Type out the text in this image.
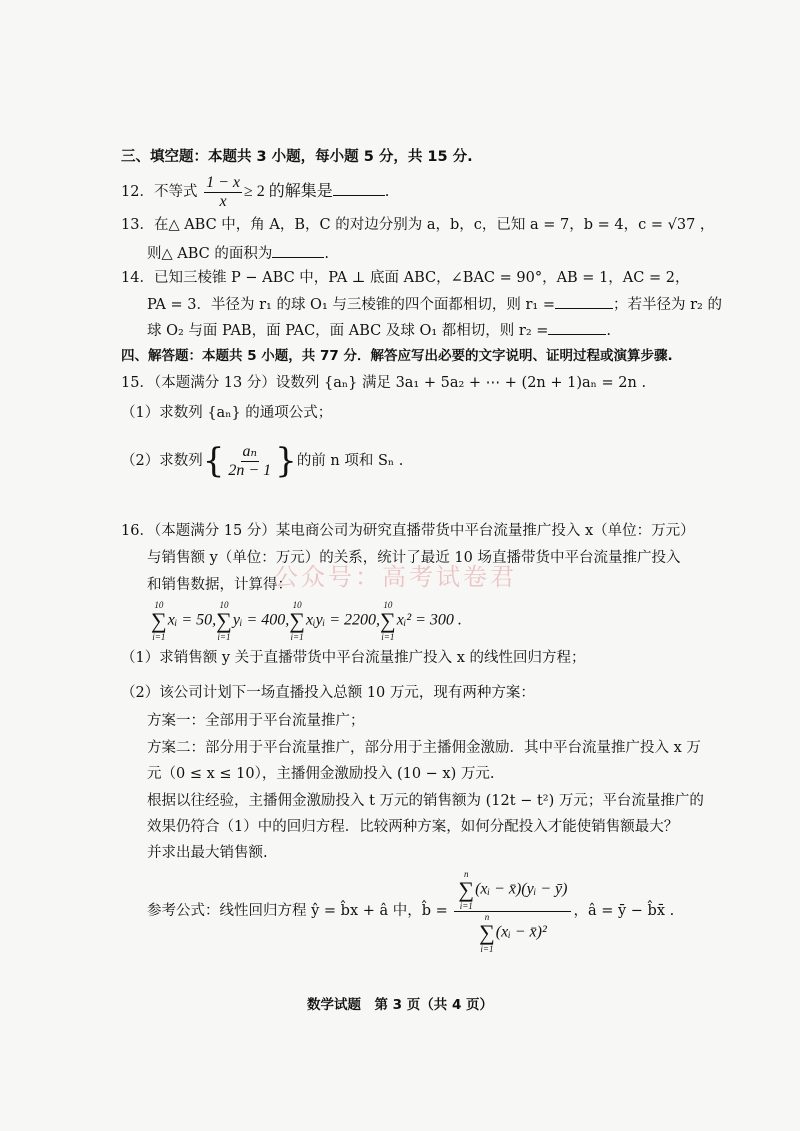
三、填空题：本题共 3 小题，每小题 5 分，共 15 分.
12．不等式 $\frac{1 - x}{x} \ge 2$ 的解集是	.
13．在△ ABC 中，角 A，B，C 的对边分别为 a，b，c，已知 a = 7，b = 4，c = √37 ，
则△ ABC 的面积为	.
14．已知三棱锥 P − ABC 中，PA ⊥ 底面 ABC，∠BAC = 90°，AB = 1，AC = 2，
PA = 3．半径为 r₁ 的球 O₁ 与三棱锥的四个面都相切，则 r₁ =	；若半径为 r₂ 的
球 O₂ 与面 PAB，面 PAC，面 ABC 及球 O₁ 都相切，则 r₂ =	.
四、解答题：本题共 5 小题，共 77 分．解答应写出必要的文字说明、证明过程或演算步骤.
15．（本题满分 13 分）设数列 {aₙ} 满足 3a₁ + 5a₂ + ⋯ + (2n + 1)aₙ = 2n .
（1）求数列 {aₙ} 的通项公式；
（2）求数列{ $\frac{\text{aₙ}}{2n - 1}$ }的前 n 项和 Sₙ .
16．（本题满分 15 分）某电商公司为研究直播带货中平台流量推广投入 x（单位：万元）
与销售额 y（单位：万元）的关系，统计了最近 10 场直播带货中平台流量推广投入
和销售数据，计算得：
公众号：高考试卷君
10
∑
i=1
xᵢ = 50,
10
∑
i=1
yᵢ = 400,
10
∑
i=1
xᵢyᵢ = 2200,
10
∑
i=1
xᵢ² = 300 .
（1）求销售额 y 关于直播带货中平台流量推广投入 x 的线性回归方程；
（2）该公司计划下一场直播投入总额 10 万元，现有两种方案：
方案一：全部用于平台流量推广；
方案二：部分用于平台流量推广，部分用于主播佣金激励．其中平台流量推广投入 x 万
元（0 ≤ x ≤ 10），主播佣金激励投入 (10 − x) 万元.
根据以往经验，主播佣金激励投入 t 万元的销售额为 (12t − t²) 万元；平台流量推广的
效果仍符合（1）中的回归方程．比较两种方案，如何分配投入才能使销售额最大？
并求出最大销售额.
参考公式：线性回归方程 ŷ = b̂x + â 中，b̂ = n
∑
i=1
(xᵢ − x̄)(yᵢ − ȳ)
n
∑
i=1
(xᵢ − x̄)² ，â = ȳ − b̂x̄ .
数学试题　第 3 页（共 4 页）
